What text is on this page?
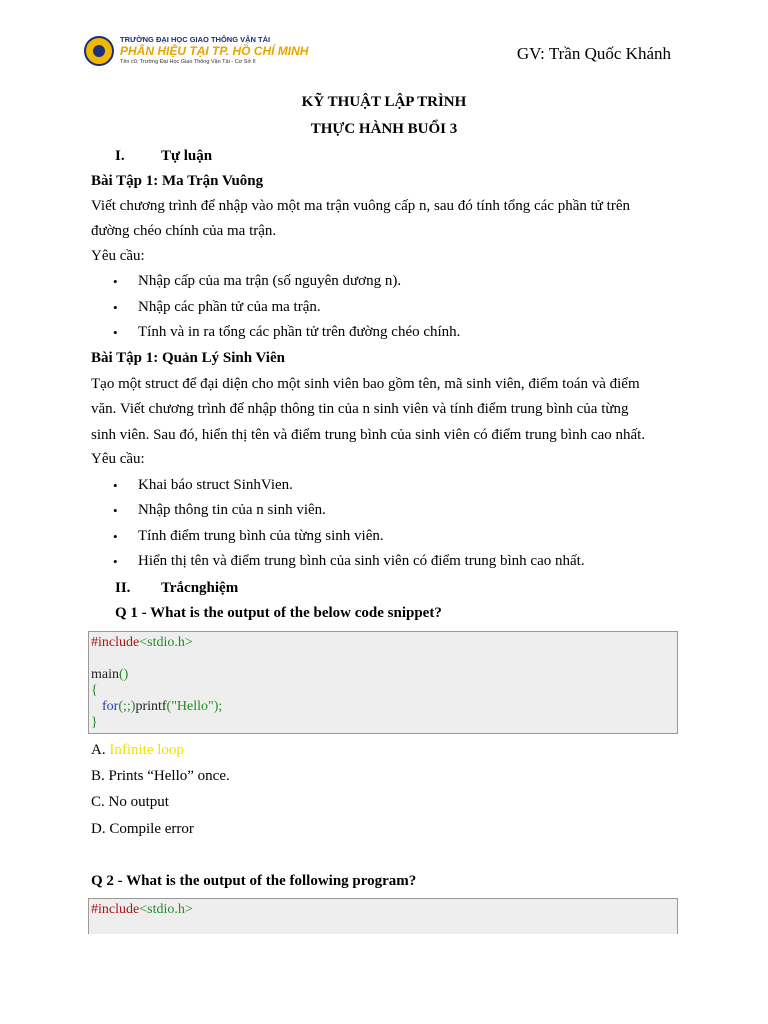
TRƯỜNG ĐẠI HỌC GIAO THÔNG VẬN TẢI
PHÂN HIỆU TẠI TP. HỒ CHÍ MINH
Tên cũ: Trường Đại Học Giao Thông Vận Tải - Cơ Sở II	GV: Trần Quốc Khánh
KỸ THUẬT LẬP TRÌNH
THỰC HÀNH BUỔI 3
I. Tự luận
Bài Tập 1: Ma Trận Vuông
Viết chương trình để nhập vào một ma trận vuông cấp n, sau đó tính tổng các phần tử trên
đường chéo chính của ma trận.
Yêu cầu:
• Nhập cấp của ma trận (số nguyên dương n).
• Nhập các phần tử của ma trận.
• Tính và in ra tổng các phần tử trên đường chéo chính.
Bài Tập 1: Quản Lý Sinh Viên
Tạo một struct để đại diện cho một sinh viên bao gồm tên, mã sinh viên, điểm toán và điểm
văn. Viết chương trình để nhập thông tin của n sinh viên và tính điểm trung bình của từng
sinh viên. Sau đó, hiển thị tên và điểm trung bình của sinh viên có điểm trung bình cao nhất.
Yêu cầu:
• Khai báo struct SinhVien.
• Nhập thông tin của n sinh viên.
• Tính điểm trung bình của từng sinh viên.
• Hiển thị tên và điểm trung bình của sinh viên có điểm trung bình cao nhất.
II. Trắcnghiệm
Q 1 - What is the output of the below code snippet?
#include<stdio.h>
main()
{
for(;;)printf("Hello");
}
A. Infinite loop
B. Prints “Hello” once.
C. No output
D. Compile error
Q 2 - What is the output of the following program?
#include<stdio.h>
